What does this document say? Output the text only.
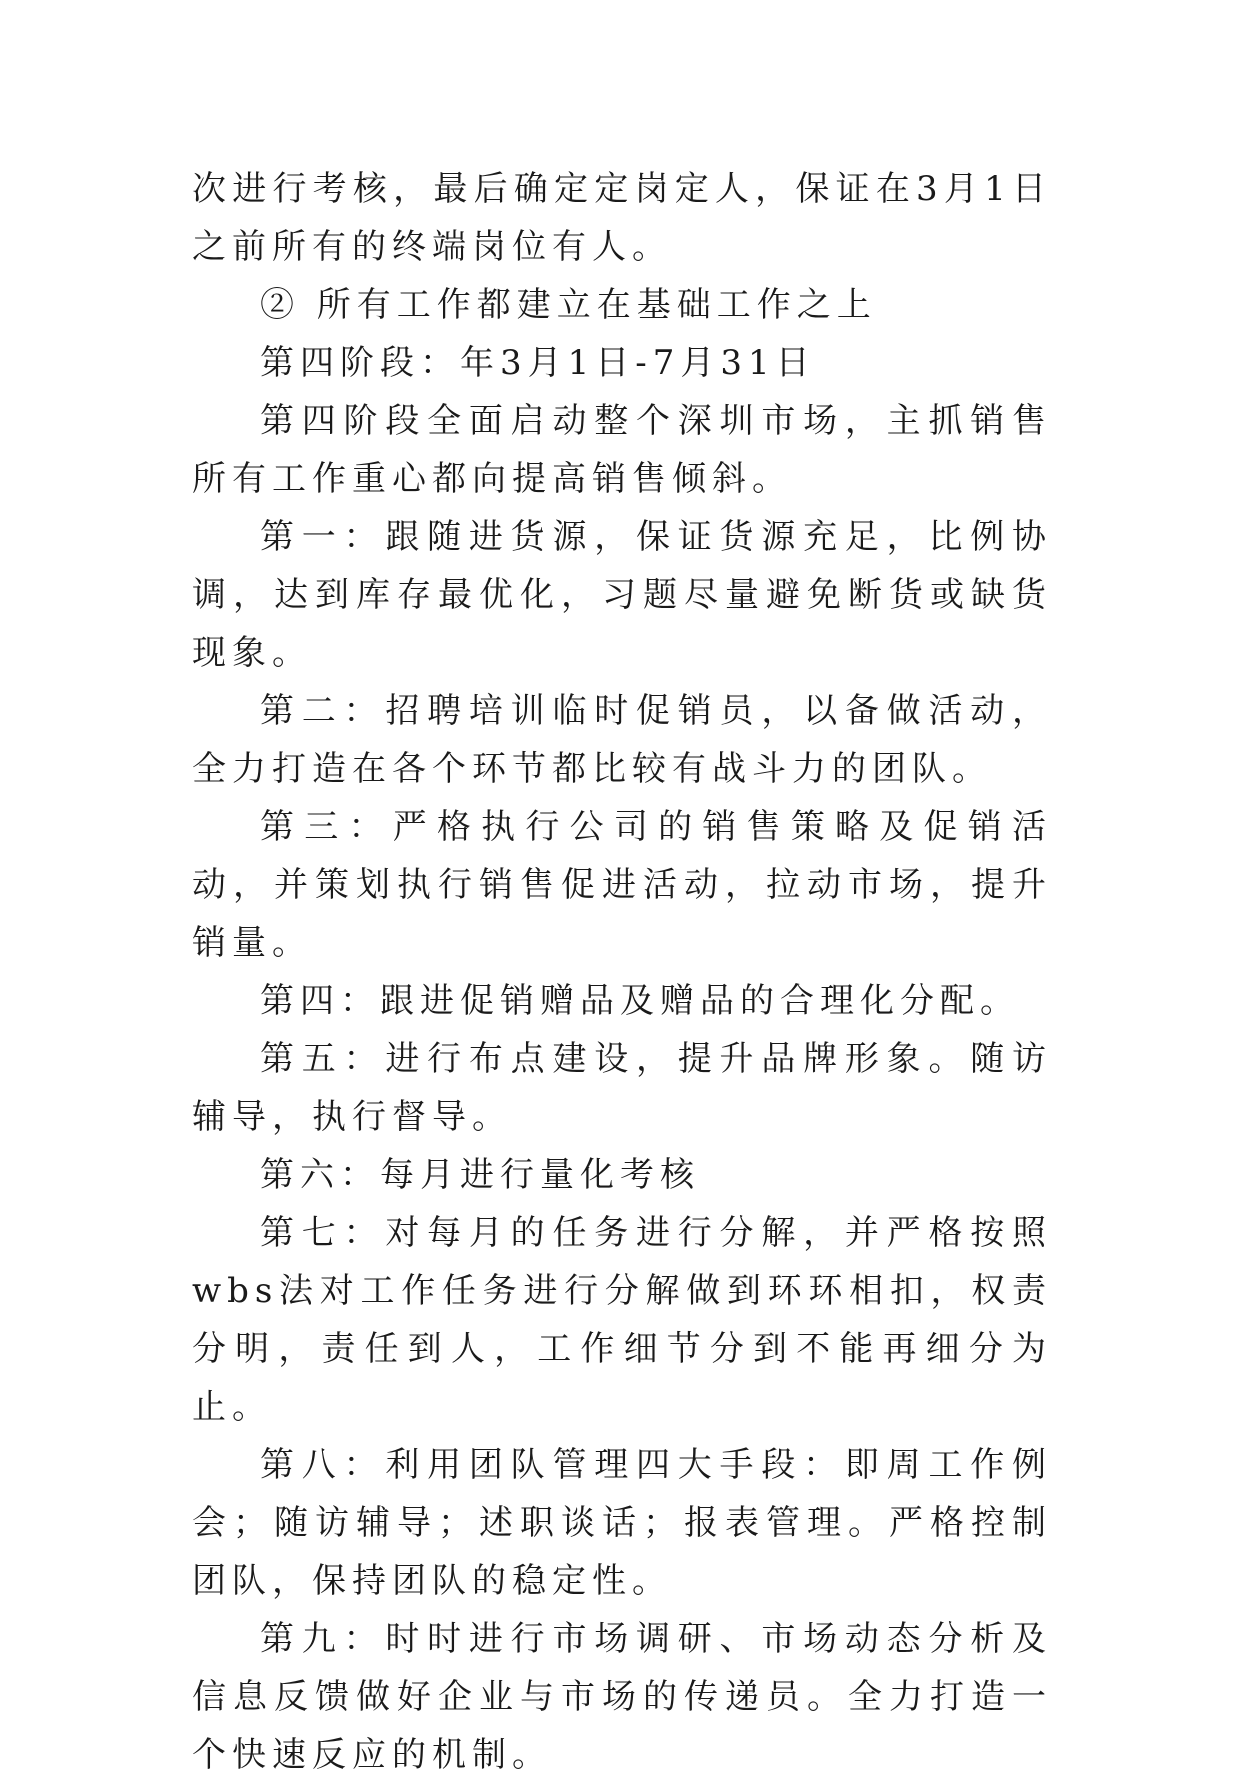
次进行考核，最后确定定岗定人，保证在3月1日之前所有的终端岗位有人。

② 所有工作都建立在基础工作之上

第四阶段：年3月1日-7月31日

第四阶段全面启动整个深圳市场，主抓销售所有工作重心都向提高销售倾斜。

第一：跟随进货源，保证货源充足，比例协调，达到库存最优化，习题尽量避免断货或缺货现象。

第二：招聘培训临时促销员，以备做活动，全力打造在各个环节都比较有战斗力的团队。

第三：严格执行公司的销售策略及促销活动，并策划执行销售促进活动，拉动市场，提升销量。

第四：跟进促销赠品及赠品的合理化分配。

第五：进行布点建设，提升品牌形象。随访辅导，执行督导。

第六：每月进行量化考核

第七：对每月的任务进行分解，并严格按照wbs法对工作任务进行分解做到环环相扣，权责分明，责任到人，工作细节分到不能再细分为止。

第八：利用团队管理四大手段：即周工作例会；随访辅导；述职谈话；报表管理。严格控制团队，保持团队的稳定性。

第九：时时进行市场调研、市场动态分析及信息反馈做好企业与市场的传递员。全力打造一个快速反应的机制。
